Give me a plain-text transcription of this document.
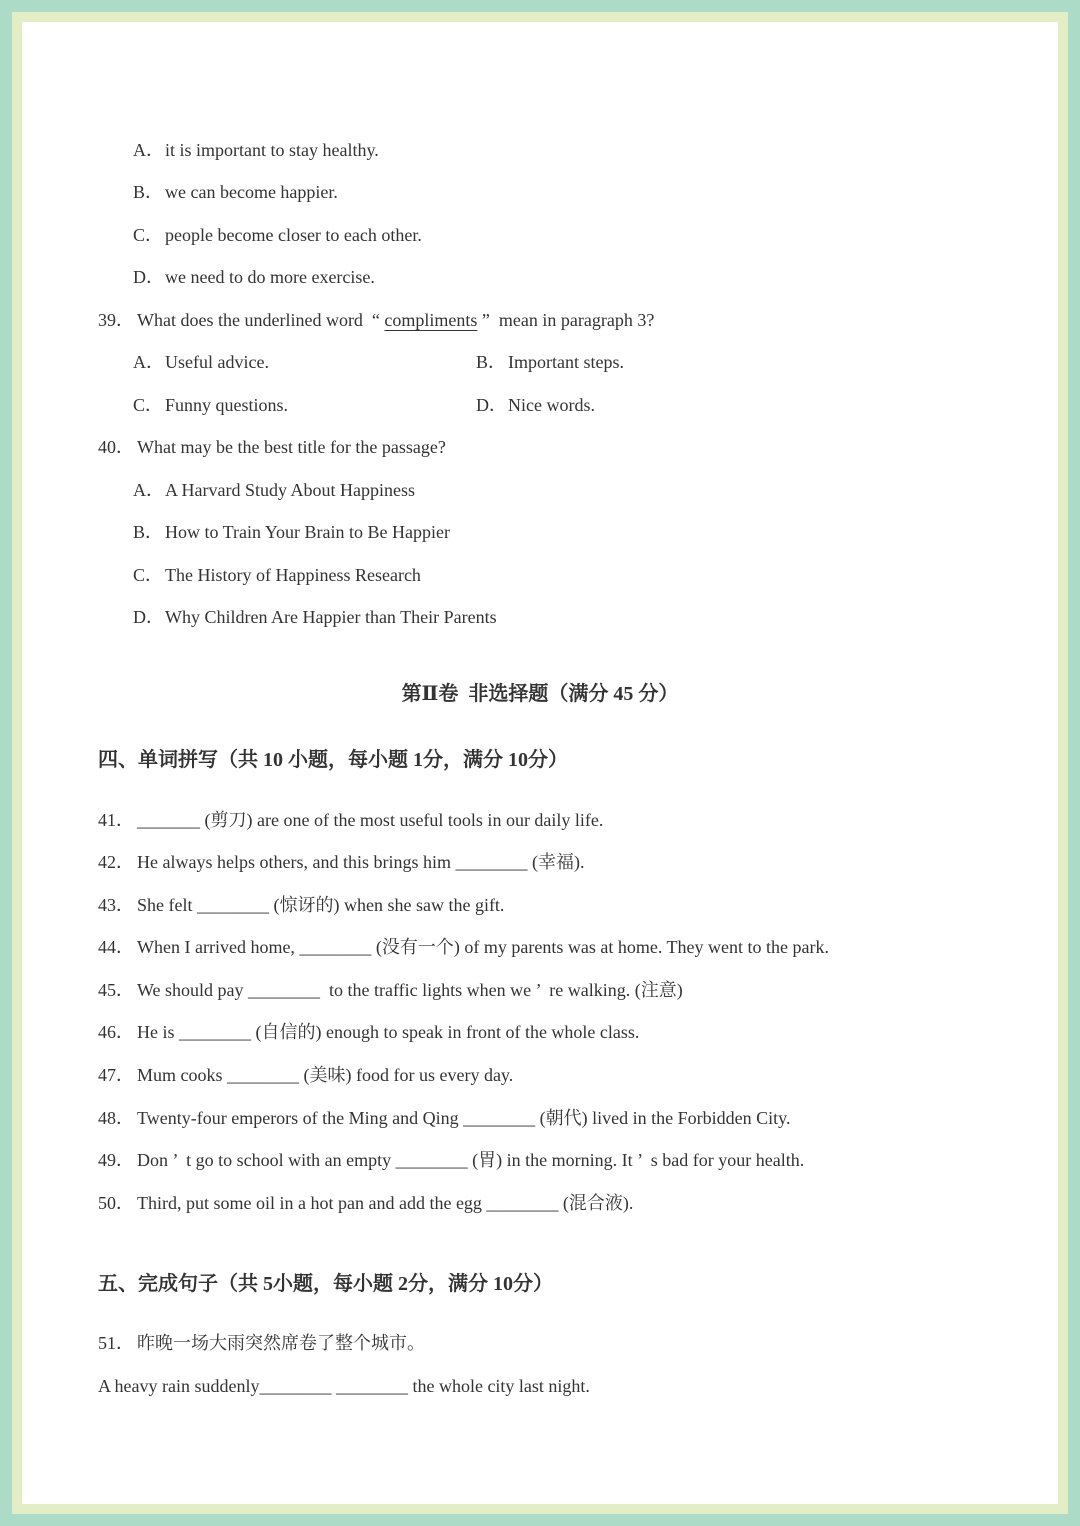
A．it is important to stay healthy.
B． we can become happier.
C． people become closer to each other.
D．we need to do more exercise.
39． What does the underlined word  “ compliments ”  mean in paragraph 3?
A．Useful advice.	B． Important steps.
C． Funny questions.	D．Nice words.
40． What may be the best title for the passage?
A．A Harvard Study About Happiness
B． How to Train Your Brain to Be Happier
C． The History of Happiness Research
D．Why Children Are Happier than Their Parents
第Ⅱ卷  非选择题（满分 45 分）
四、单词拼写（共 10 小题，每小题 1分，满分 10分）
41． _______ (剪刀) are one of the most useful tools in our daily life.
42． He always helps others, and this brings him ________ (幸福).
43． She felt ________ (惊讶的) when she saw the gift.
44． When I arrived home, ________ (没有一个) of my parents was at home. They went to the park.
45． We should pay ________  to the traffic lights when we ’  re walking. (注意)
46． He is ________ (自信的) enough to speak in front of the whole class.
47． Mum cooks ________ (美味) food for us every day.
48． Twenty-four emperors of the Ming and Qing ________ (朝代) lived in the Forbidden City.
49． Don ’  t go to school with an empty ________ (胃) in the morning. It ’  s bad for your health.
50． Third, put some oil in a hot pan and add the egg ________ (混合液).
五、完成句子（共 5小题，每小题 2分，满分 10分）
51． 昨晚一场大雨突然席卷了整个城市。
A heavy rain suddenly________ ________ the whole city last night.
